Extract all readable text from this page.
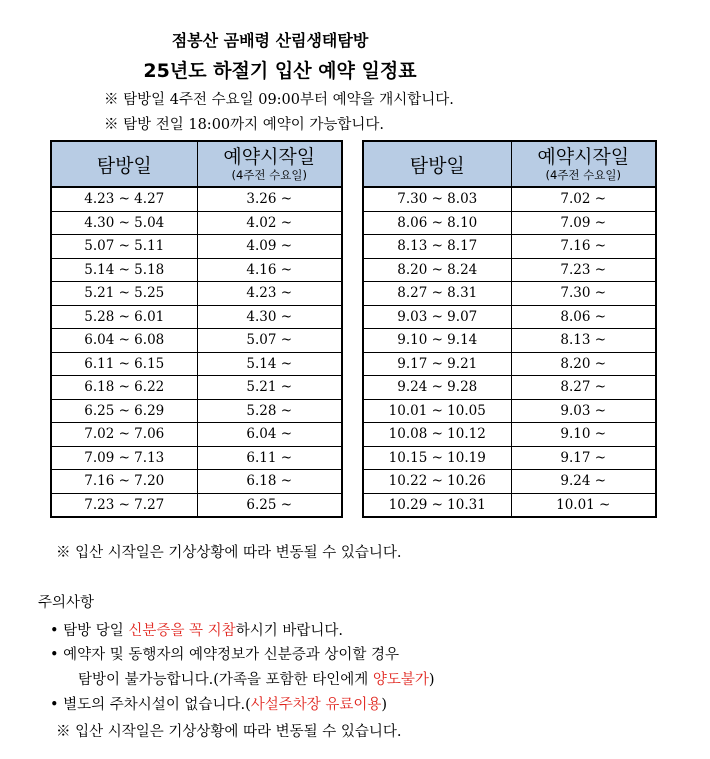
점봉산 곰배령 산림생태탐방
25년도 하절기 입산 예약 일정표
※ 탐방일 4주전 수요일 09:00부터 예약을 개시합니다.
※ 탐방 전일 18:00까지 예약이 가능합니다.
탐방일	예약시작일
(4주전 수요일)

4.23 ~ 4.27	3.26 ~
4.30 ~ 5.04	4.02 ~
5.07 ~ 5.11	4.09 ~
5.14 ~ 5.18	4.16 ~
5.21 ~ 5.25	4.23 ~
5.28 ~ 6.01	4.30 ~
6.04 ~ 6.08	5.07 ~
6.11 ~ 6.15	5.14 ~
6.18 ~ 6.22	5.21 ~
6.25 ~ 6.29	5.28 ~
7.02 ~ 7.06	6.04 ~
7.09 ~ 7.13	6.11 ~
7.16 ~ 7.20	6.18 ~
7.23 ~ 7.27	6.25 ~
탐방일	예약시작일
(4주전 수요일)

7.30 ~ 8.03	7.02 ~
8.06 ~ 8.10	7.09 ~
8.13 ~ 8.17	7.16 ~
8.20 ~ 8.24	7.23 ~
8.27 ~ 8.31	7.30 ~
9.03 ~ 9.07	8.06 ~
9.10 ~ 9.14	8.13 ~
9.17 ~ 9.21	8.20 ~
9.24 ~ 9.28	8.27 ~
10.01 ~ 10.05	9.03 ~
10.08 ~ 10.12	9.10 ~
10.15 ~ 10.19	9.17 ~
10.22 ~ 10.26	9.24 ~
10.29 ~ 10.31	10.01 ~
※ 입산 시작일은 기상상황에 따라 변동될 수 있습니다.
주의사항
• 탐방 당일 신분증을 꼭 지참하시기 바랍니다.
• 예약자 및 동행자의 예약정보가 신분증과 상이할 경우
탐방이 불가능합니다.(가족을 포함한 타인에게 양도불가)
• 별도의 주차시설이 없습니다.(사설주차장 유료이용)
※ 입산 시작일은 기상상황에 따라 변동될 수 있습니다.
